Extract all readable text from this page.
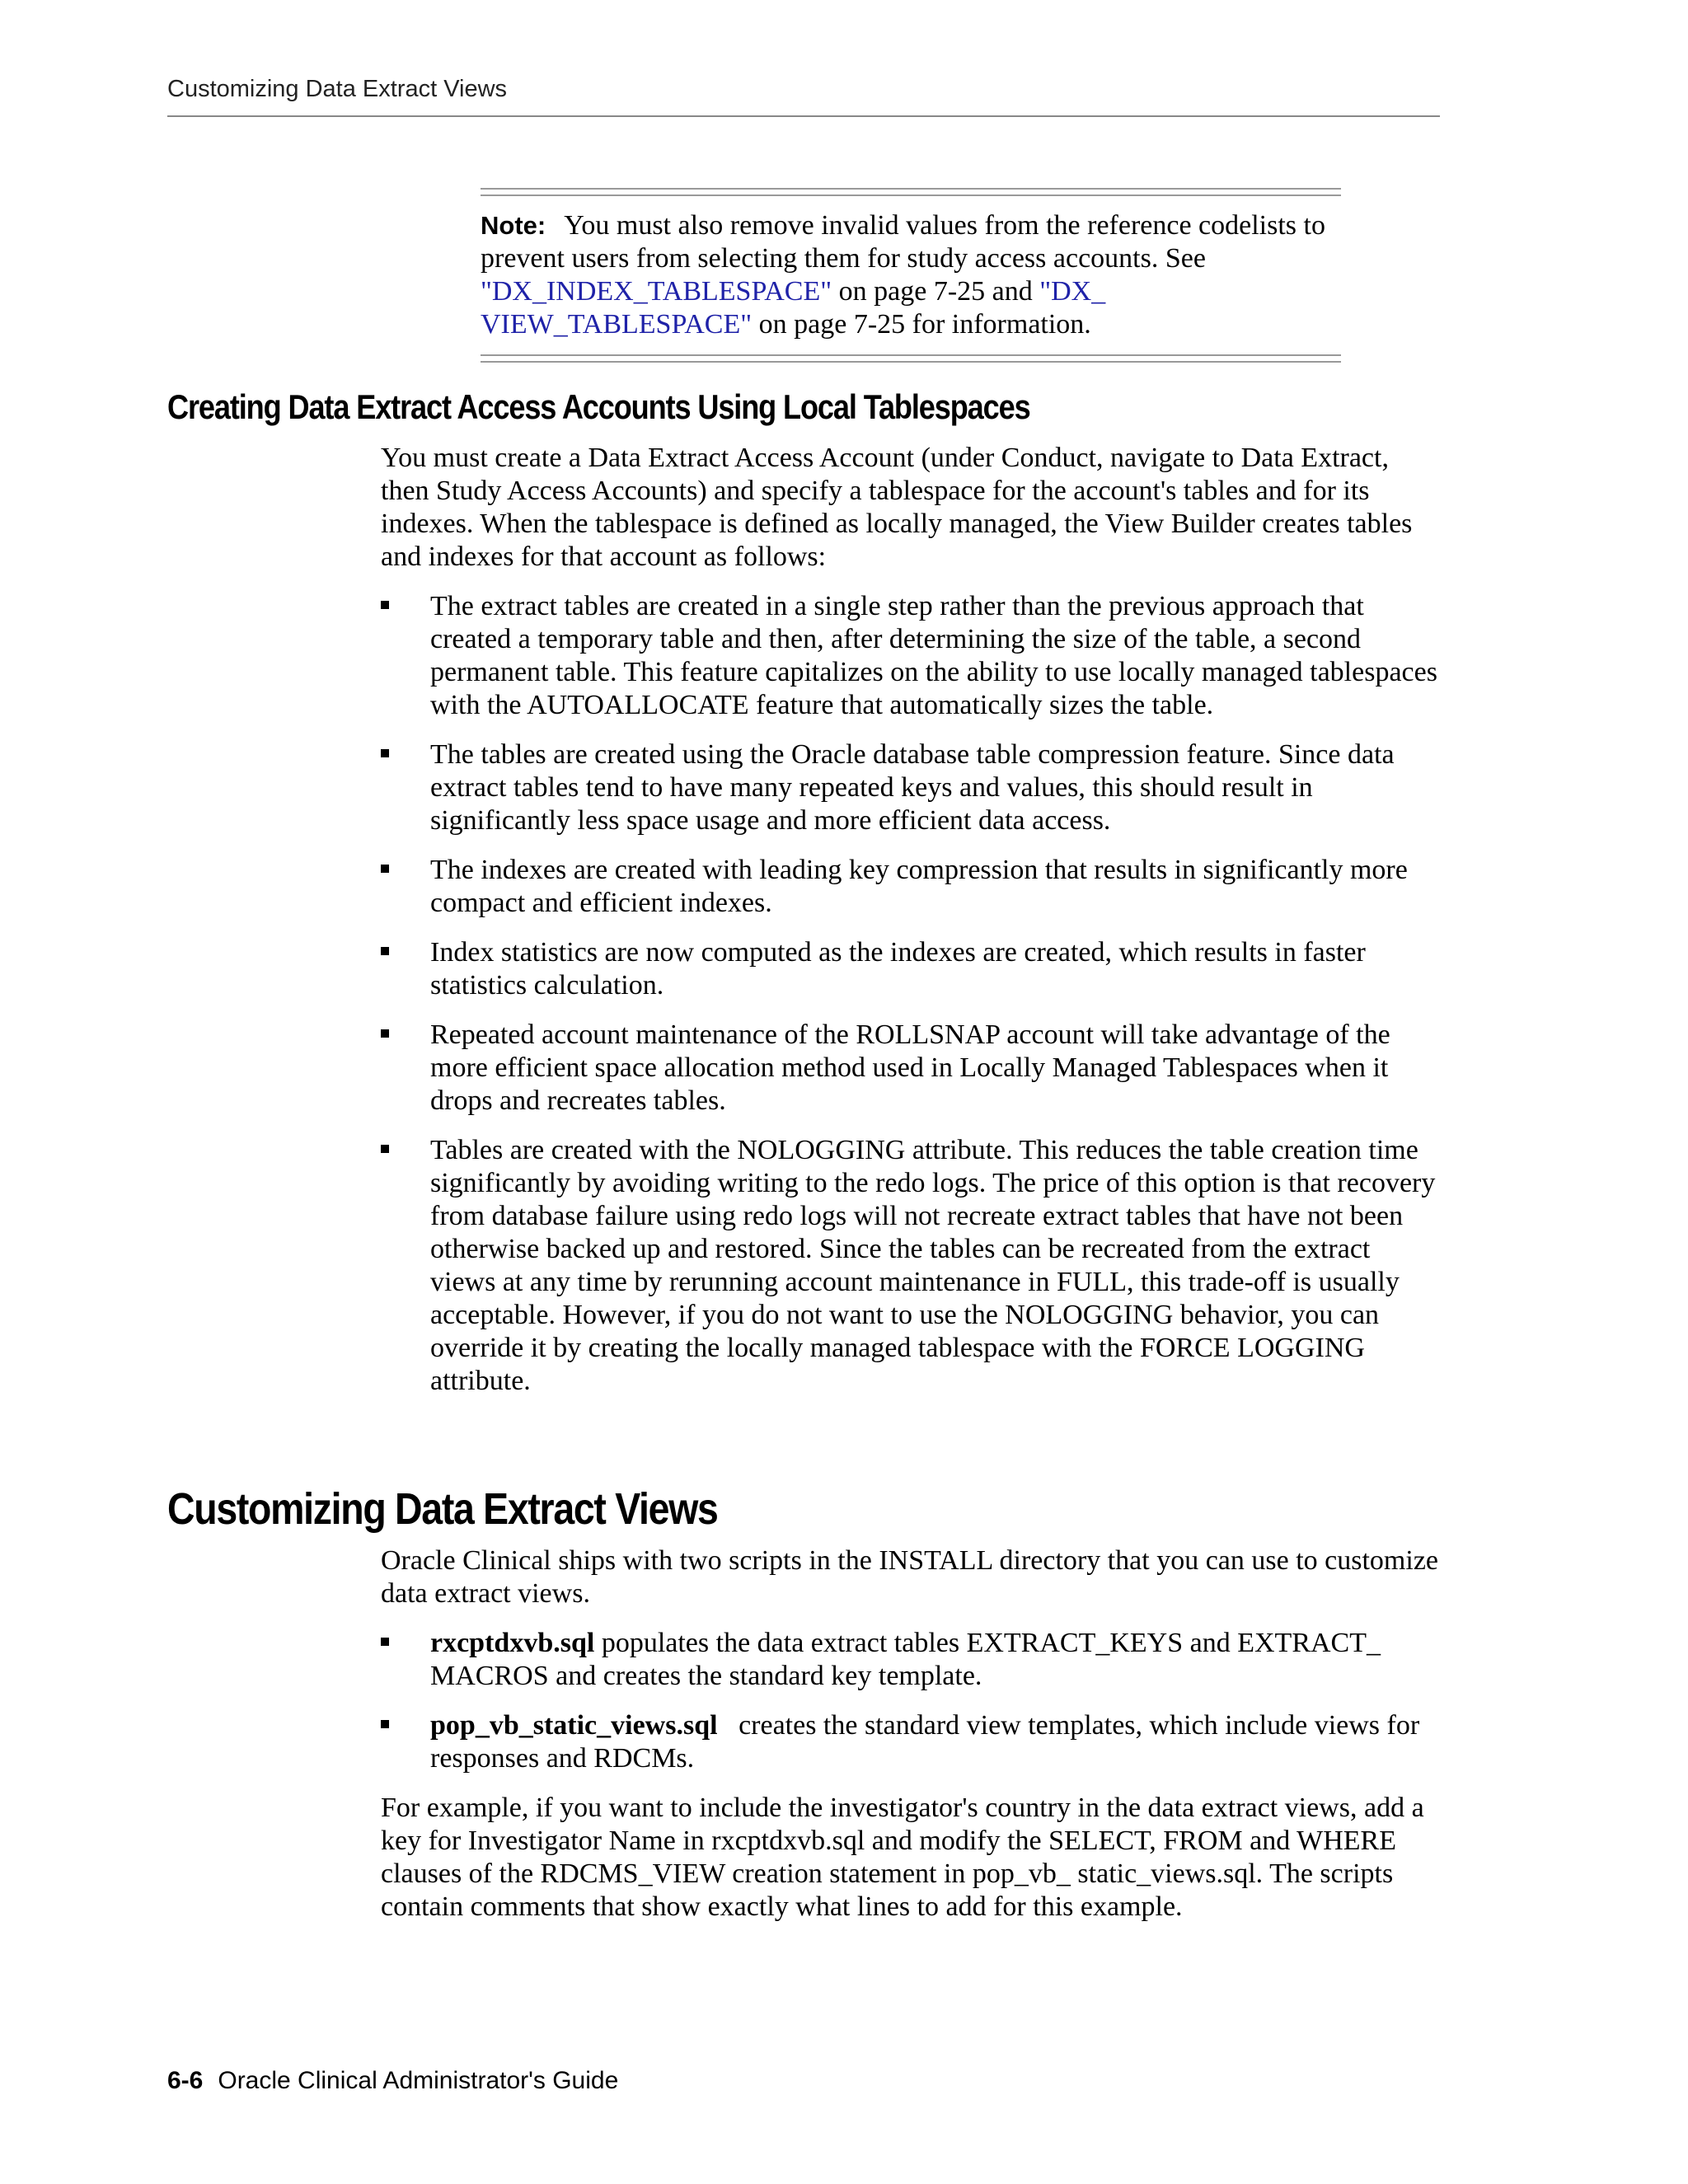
Customizing Data Extract Views
Note: You must also remove invalid values from the reference codelists to prevent users from selecting them for study access accounts. See "DX_INDEX_TABLESPACE" on page 7-25 and "DX_ VIEW_TABLESPACE" on page 7-25 for information.
Creating Data Extract Access Accounts Using Local Tablespaces

You must create a Data Extract Access Account (under Conduct, navigate to Data Extract, then Study Access Accounts) and specify a tablespace for the account's tables and for its indexes. When the tablespace is defined as locally managed, the View Builder creates tables and indexes for that account as follows:

The extract tables are created in a single step rather than the previous approach that created a temporary table and then, after determining the size of the table, a second permanent table. This feature capitalizes on the ability to use locally managed tablespaces with the AUTOALLOCATE feature that automatically sizes the table.
The tables are created using the Oracle database table compression feature. Since data extract tables tend to have many repeated keys and values, this should result in significantly less space usage and more efficient data access.
The indexes are created with leading key compression that results in significantly more compact and efficient indexes.
Index statistics are now computed as the indexes are created, which results in faster statistics calculation.
Repeated account maintenance of the ROLLSNAP account will take advantage of the more efficient space allocation method used in Locally Managed Tablespaces when it drops and recreates tables.
Tables are created with the NOLOGGING attribute. This reduces the table creation time significantly by avoiding writing to the redo logs. The price of this option is that recovery from database failure using redo logs will not recreate extract tables that have not been otherwise backed up and restored. Since the tables can be recreated from the extract views at any time by rerunning account maintenance in FULL, this trade-off is usually acceptable. However, if you do not want to use the NOLOGGING behavior, you can override it by creating the locally managed tablespace with the FORCE LOGGING attribute.
Customizing Data Extract Views

Oracle Clinical ships with two scripts in the INSTALL directory that you can use to customize data extract views.

rxcptdxvb.sql populates the data extract tables EXTRACT_KEYS and EXTRACT_ MACROS and creates the standard key template.
pop_vb_static_views.sql   creates the standard view templates, which include views for responses and RDCMs.

For example, if you want to include the investigator's country in the data extract views, add a key for Investigator Name in rxcptdxvb.sql and modify the SELECT, FROM and WHERE clauses of the RDCMS_VIEW creation statement in pop_vb_ static_views.sql. The scripts contain comments that show exactly what lines to add for this example.

6-6 Oracle Clinical Administrator's Guide
